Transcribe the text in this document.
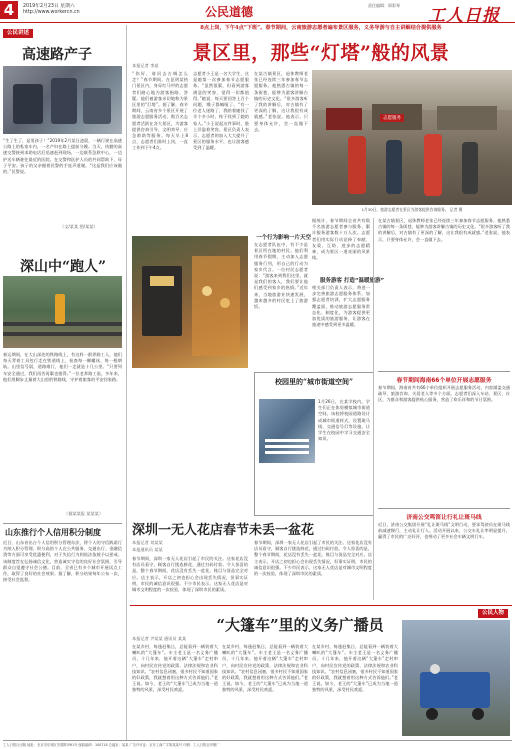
4	2019年2月23日 星期六
http://www.workercn.cn	公民道德	责任编辑：邢彩琴
工人日报
公民讲述
高速路产子
“生了生了，是男孩子！”2019年2月某日凌晨，一辆行驶在高速公路上的私家车内，一名产妇在路上提前分娩。当天，执勤的高速交警接到求助电话后迅速赶到现场，一边联系急救中心，一边护送车辆驶往最近的医院。在交警和医护人员的共同帮助下，母子平安。孩子的父亲握着民警的手连声道谢。“这是我们应该做的。”民警说。
（文/某某 图/某某）
深山中“跑人”
春运期间，在大山深处的铁路线上，有这样一群养路工人，他们每天背着工具包行走在铁道线上，检查每一颗螺丝、每一根钢轨。山里信号弱，道路难行，他们一走就是十几公里。“只要列车安全通过，我们再苦再累也值得。”一位老养路工说。多年来，他们用脚步丈量着大山里的铁路线，守护着旅客的平安回家路。
（据某某报 某某某）
山东推行个人信用积分制度
近日，山东省出台个人信用积分管理办法，将个人的守信践诺行为纳入积分管理。积分高的个人在公共服务、交通出行、金融信贷等方面可享受优惠便利，对于失信行为则依法依规予以惩戒。该制度旨在弘扬诚信文化，营造诚实守信的良好社会氛围，引导群众自觉遵守社会公德。目前，全省已有多个城市开展试点工作，取得了良好的社会效果。据了解，积分结果每年公布一次，接受社会监督。
8点上岗，下午4点“下班”。春节期间，云南旅游志愿者遍布景区服务，义务导游与自主讲解结合提供服务
景区里，那些“灯塔”般的风景
本报记者 李某
“你好，请问去古城怎么走？”春节期间，在昆明某热门景区内，身穿红马甲的志愿者们耐心地为游客指路、答疑。他们被游客亲切地称为景区里的“灯塔”。据了解，春节期间，云南省多个景区开展了旅游志愿服务活动，数百名志愿者活跃在各大景区，为游客提供咨询引导、文明劝导、应急救助等服务。每天早上8点，志愿者们准时上岗，一直工作到下午4点。
志愿者小王是一名大学生，这是她第一次参加春节志愿服务。“虽然很累，但看到游客满意的笑容，觉得一切都值得。”她说，每天要回答上百个问题，嗓子都喊哑了。“有一位老人迷路了，我陪着她找了半个多小时，终于找到了她的家人。”小王说起这件事时，脸上洋溢着笑容。景区负责人表示，志愿者的加入大大提升了景区的服务水平，也让游客感受到了温暖。
在某古镇景区，退休教师老张已经连续三年参加春节志愿服务。他熟悉古镇的每一条街巷，能够为游客讲解古镇的历史文化。“很多游客听了我的讲解后，对古镇有了更深的了解，这让我很有成就感。”老张说。他表示，只要身体允许，会一直做下去。
志愿服务
1月30日，旅游志愿者在景区为游客提供咨询服务。 记者 摄
一个行为影响一片天空
在志愿者队伍中，有不少是景区所在地的村民。他们利用春节假期，主动加入志愿服务行列，用自己的行动为家乡代言。一位村民志愿者说：“游客来到我们这里，就是我们的客人，我们要让他们感受到家乡的热情。”近年来，当地旅游业快速发展，越来越多的村民吃上了旅游饭。
据统计，春节期间全省共有数千名旅游志愿者参与服务，累计服务游客数十万人次。志愿者们用实际行动诠释了奉献、友爱、互助、进步的志愿精神，成为景区一道亮丽的风景线。
服务游客 打造“温暖旅游”
相关部门负责人表示，将进一步完善旅游志愿服务体系，加强志愿者培训，扩大志愿服务覆盖面，推动旅游志愿服务常态化、制度化，为游客提供更加优质的旅游服务，让游客在旅途中感受到更多温暖。
校园里的“城市街道空间”
1月26日，在某学校内，学生们正在体验模拟城市街道空间。该校将校园道路设计成城市街道样式，设置斑马线、交通信号灯等设施，让学生在校园中学习交通安全知识。
在某古镇景区，退休教师老张已经连续三年参加春节志愿服务。他熟悉古镇的每一条街巷，能够为游客讲解古镇的历史文化。“很多游客听了我的讲解后，对古镇有了更深的了解，这让我很有成就感。”老张说。他表示，只要身体允许，会一直做下去。
春节期间海南66个单位开展志愿服务
春节期间，海南省共有66个单位组织开展志愿服务活动，内容涵盖交通疏导、旅游咨询、关爱老人等多个方面。志愿者们深入车站、景区、社区，为群众和游客提供贴心服务，营造了欢乐祥和的节日氛围。
济南公交鸣笛让行礼让斑马线
近日，济南公交集团开展“礼让斑马线”文明行动，要求驾驶员在斑马线前减速慢行，主动礼让行人。活动开展以来，公交车礼让率明显提升，赢得了市民的广泛好评，也带动了更多社会车辆文明行车。
深圳一无人花店春节未丢一盆花
本报记者 刘某某
本报通讯员 某某
春节期间，深圳一家无人花店引起了市民的关注。这家花店没有店员看守，顾客自行挑选鲜花，通过扫码付款。令人惊喜的是，整个春节期间，花店没有丢失一盆花，账目与货品完全对应。店主表示，开店之初也担心会出现丢失情况，但事实证明，市民的诚信意识很强。不少市民表示，这家无人花店是对城市文明程度的一次检验，体现了深圳市民的素质。
春节期间，深圳一家无人花店引起了市民的关注。这家花店没有店员看守，顾客自行挑选鲜花，通过扫码付款。令人惊喜的是，整个春节期间，花店没有丢失一盆花，账目与货品完全对应。店主表示，开店之初也担心会出现丢失情况，但事实证明，市民的诚信意识很强。不少市民表示，这家无人花店是对城市文明程度的一次检验，体现了深圳市民的素质。
公民人物
“大篷车”里的义务广播员
本报记者 尹某某 通讯员 某某
在某乡村，每逢赶集日，总能看到一辆装着大喇叭的“大篷车”。车主老王是一名义务广播员，十几年来，他开着这辆“大篷车”走村串户，向村民宣传党的政策、法律法规和农业科技知识。“农村信息闭塞，很多村民不知道国家的好政策，我就想着用这种方式告诉他们。”老王说。如今，老王的“大篷车”已成为当地一道独特的风景，深受村民欢迎。
在某乡村，每逢赶集日，总能看到一辆装着大喇叭的“大篷车”。车主老王是一名义务广播员，十几年来，他开着这辆“大篷车”走村串户，向村民宣传党的政策、法律法规和农业科技知识。“农村信息闭塞，很多村民不知道国家的好政策，我就想着用这种方式告诉他们。”老王说。如今，老王的“大篷车”已成为当地一道独特的风景，深受村民欢迎。
在某乡村，每逢赶集日，总能看到一辆装着大喇叭的“大篷车”。车主老王是一名义务广播员，十几年来，他开着这辆“大篷车”走村串户，向村民宣传党的政策、法律法规和农业科技知识。“农村信息闭塞，很多村民不知道国家的好政策，我就想着用这种方式告诉他们。”老王说。如今，老王的“大篷车”已成为当地一道独特的风景，深受村民欢迎。
工人日报社出版 地址：北京市东城区安德路甲61号 邮政编码：100718 总编室：某某 广告许可证：京东工商广字第某某号 印刷：工人日报社印刷厂
